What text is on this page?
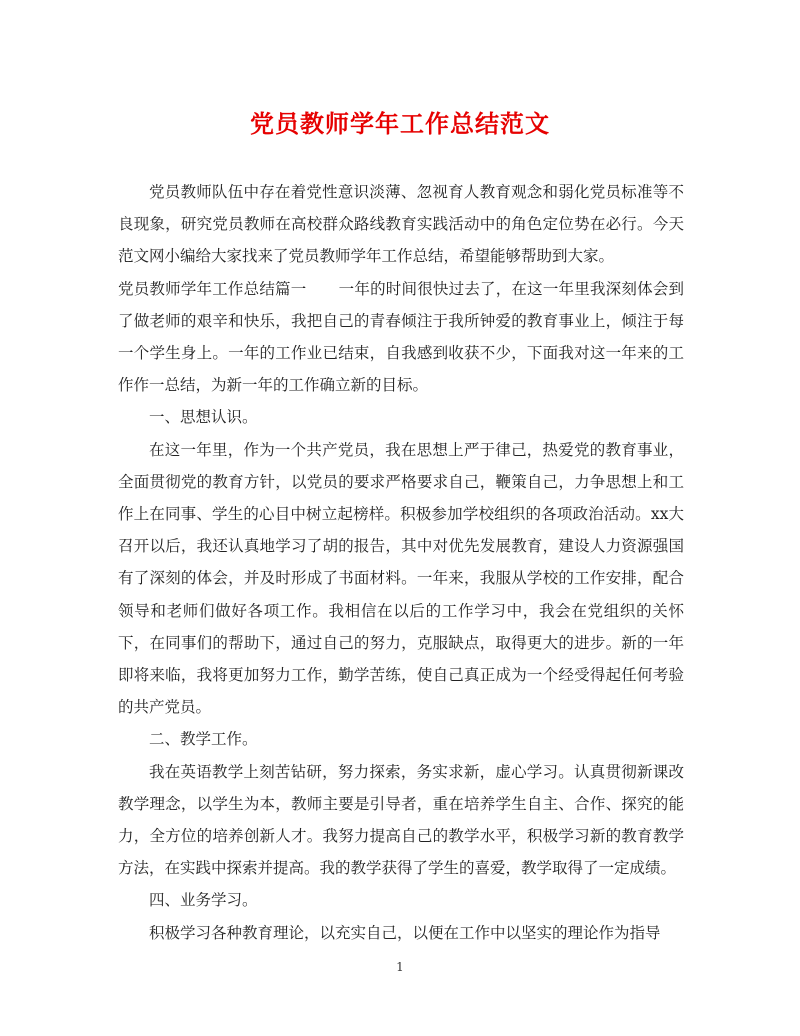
党员教师学年工作总结范文

党员教师队伍中存在着党性意识淡薄、忽视育人教育观念和弱化党员标准等不良现象，研究党员教师在高校群众路线教育实践活动中的角色定位势在必行。今天范文网小编给大家找来了党员教师学年工作总结，希望能够帮助到大家。

党员教师学年工作总结篇一 一年的时间很快过去了，在这一年里我深刻体会到了做老师的艰辛和快乐，我把自己的青春倾注于我所钟爱的教育事业上，倾注于每一个学生身上。一年的工作业已结束，自我感到收获不少，下面我对这一年来的工作作一总结，为新一年的工作确立新的目标。

一、思想认识。

在这一年里，作为一个共产党员，我在思想上严于律己，热爱党的教育事业，全面贯彻党的教育方针，以党员的要求严格要求自己，鞭策自己，力争思想上和工作上在同事、学生的心目中树立起榜样。积极参加学校组织的各项政治活动。xx大召开以后，我还认真地学习了胡的报告，其中对优先发展教育，建设人力资源强国有了深刻的体会，并及时形成了书面材料。一年来，我服从学校的工作安排，配合领导和老师们做好各项工作。我相信在以后的工作学习中，我会在党组织的关怀下，在同事们的帮助下，通过自己的努力，克服缺点，取得更大的进步。新的一年即将来临，我将更加努力工作，勤学苦练，使自己真正成为一个经受得起任何考验的共产党员。

二、教学工作。

我在英语教学上刻苦钻研，努力探索，务实求新，虚心学习。认真贯彻新课改教学理念，以学生为本，教师主要是引导者，重在培养学生自主、合作、探究的能力，全方位的培养创新人才。我努力提高自己的教学水平，积极学习新的教育教学方法，在实践中探索并提高。我的教学获得了学生的喜爱，教学取得了一定成绩。

四、业务学习。

积极学习各种教育理论，以充实自己，以便在工作中以坚实的理论作为指导

1
